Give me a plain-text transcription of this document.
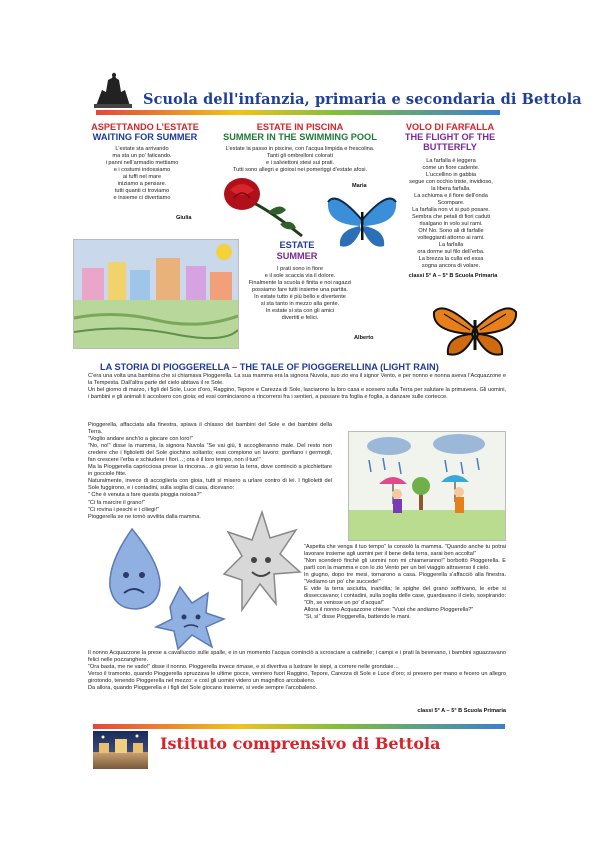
Scuola dell'infanzia, primaria e secondaria di Bettola
ASPETTANDO L’ESTATE
WAITING FOR SUMMER
L’estate sta arrivando
ma sta un po’ faticando.
i panni nell’armadio mettiamo
e i costumi indossiamo
ai tuffi nel mare
iniziamo a pensare.
tutti quanti ci troviamo
e insieme ci divertiamo
Giulia
ESTATE IN PISCINA
SUMMER IN THE SWIMMING POOL
L’estate la passo in piscine, con l’acqua limpida e frescolina.
Tanti gli ombrelloni colorati
e i salviettoni stesi sui prati.
Tutti sono allegri e gioiosi nei pomeriggi d’estate afosi.
Maria
VOLO DI FARFALLA
THE FLIGHT OF THE
BUTTERFLY
La farfalla è leggera
come un fiore cadente.
L’uccellino in gabbia
segue con occhio triste, invidioso,
la libera farfalla.
La schiuma e il fiore dell’onda
Scompare.
La farfalla non vi si può posare.
Sembra che petali di fiori caduti
risalgano in volo sui rami.
Oh! No. Sono ali di farfalle
volteggianti attorno ai rami.
La farfalla
ora dorme sul filo dell’erba.
La brezza la culla ed essa
sogna ancora di volare.
classi 5° A – 5° B Scuola Primaria
ESTATE
SUMMER
I prati sono in fiore
e il sole scaccia via il dolore.
Finalmente la scuola è finita e noi ragazzi
possiamo fare tutti insieme una partita.
In estate tutto è più bello e divertente
si sta tanto in mezzo alla gente.
In estate si sta con gli amici
divertiti e felici.
Alberto
LA STORIA DI PIOGGERELLA – THE TALE OF PIOGGERELLINA (LIGHT RAIN)

C’era una volta una bambina che si chiamava Pioggerella. La sua mamma era la signora Nuvola, suo zio era il signor Vento, e per nonno e nonna aveva l’Acquazzone e la Tempesta. Dall’altra parte del cielo abitava il re Sole.

Un bel giorno di marzo, i figli del Sole, Luce d’oro, Raggino, Tepore e Carezza di Sole, lasciarono la loro casa e scesero sulla Terra per salutare la primavera. Gli uomini, i bambini e gli animali li accolsero con gioia; ed essi cominciarono a rincorrersi fra i sentieri, a passare tra foglia e foglia, a danzare sulle cortecce.

Pioggerella, affacciata alla finestra, spiava il chiasso dei bambini del Sole e dei bambini della Terra.

“Voglio andare anch’io a giocare con loro!”

“No, no!” disse la mamma, la signora Nuvola “Se vai giù, ti accoglieranno male. Del resto non credere che i figlioletti del Sole giochino soltanto; essi compiono un lavoro: gonfiano i germogli, fan crescere l’erba e schiudere i fiori…; ora è il loro tempo, non il tuo!”

Ma la Pioggerella capricciosa prese la rincorsa…e giù verso la terra, dove cominciò a picchiettare in gocciole fitte.

Naturalmente, invece di accoglierla con gioia, tutti si misero a urlare contro di lei. I figlioletti del Sole fuggirono, e i contadini, sulla soglia di casa, dicevano:

“ Che è venuta a fare questa pioggia noiosa?”

“Ci fa marcire il grano!”

“Ci rovina i peschi e i ciliegi!”

Pioggerella se ne tornò avvilita dalla mamma.

“Aspetta che venga il tuo tempo” la consolò la mamma. “Quando anche tu potrai lavorare insieme agli uomini per il bene della terra, sarai ben accolta!”

“Non scenderò finché gli uomini non mi chiameranno!” borbottò Pioggerella. E partì con la mamma e con lo zio Vento per un bel viaggio attraverso il cielo.

In giugno, dopo tre mesi, tornarono a casa. Pioggerella s’affacciò alla finestra. “Vediamo un po’ che succede!”

E vide la terra asciutta, inaridita; le spighe del grano soffrivano, le erbe si disseccavano; i contadini, sulla soglia delle case, guardavano il cielo, sospirando: “Oh, se venisse un po’ d’acqua!”

Allora il nonno Acquazzone chiese: “Vuoi che andiamo Pioggerella?”

“Sì, sì” disse Pioggerella, battendo le mani.

Il nonno Acquazzone la prese a cavalluccio sulle spalle, e in un momento l’acqua cominciò a scrosciare a catinelle; i campi e i prati la bevevano, i bambini sguazzavano felici nelle pozzanghere.

“Ora basta, me ne vado!” disse il nonno. Pioggerella invece rimase, e si divertiva a lustrare le siepi, a correre nelle grondaie…

Verso il tramonto, quando Pioggerella spruzzava le ultime gocce, vennero fuori Raggino, Tepore, Carezza di Sole e Luce d’oro; si presero per mano e fecero un allegro girotondo, tenendo Pioggerella nel mezzo: e così gli uomini videro un magnifico arcobaleno.

Da allora, quando Pioggerella e i figli del Sole giocano insieme, si vede sempre l’arcobaleno.

classi 5° A – 5° B Scuola Primaria
Istituto comprensivo di Bettola
